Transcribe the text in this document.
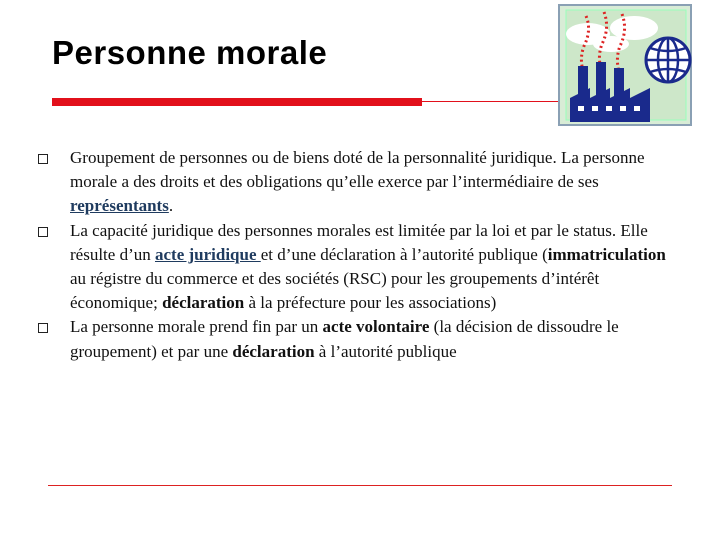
Personne morale
Groupement de personnes ou de biens doté de la personnalité juridique. La personne morale a des droits et des obligations qu’elle exerce par l’intermédiaire de ses représentants.
La capacité juridique des personnes morales est limitée par la loi et par le status. Elle résulte d’un acte juridique et d’une déclaration à l’autorité publique (immatriculation au régistre du commerce et des sociétés (RSC) pour les groupements d’intérêt économique; déclaration à la préfecture pour les associations)
La personne morale prend fin par un acte volontaire (la décision de dissoudre le groupement) et par une déclaration à l’autorité publique
